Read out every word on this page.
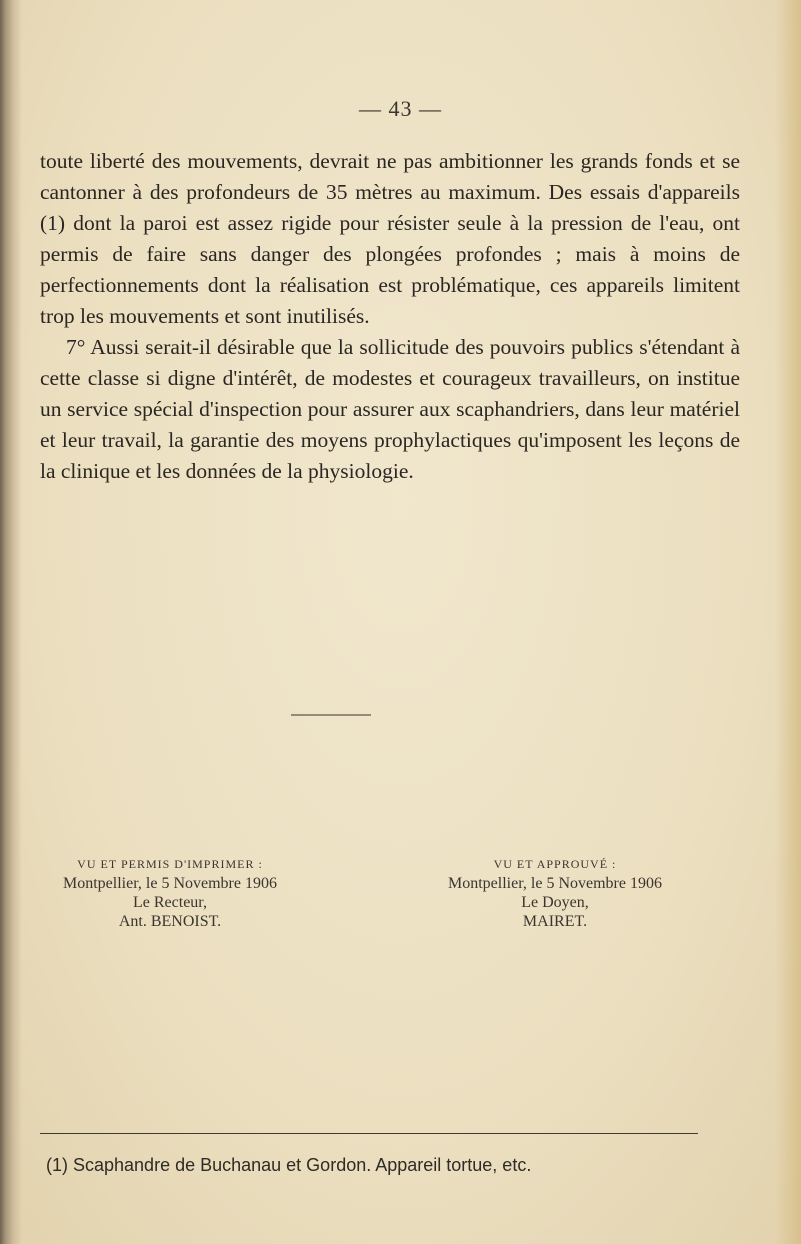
— 43 —

toute liberté des mouvements, devrait ne pas ambitionner les grands fonds et se cantonner à des profondeurs de 35 mètres au maximum. Des essais d'appareils (1) dont la paroi est assez rigide pour résister seule à la pression de l'eau, ont permis de faire sans danger des plongées profondes ; mais à moins de perfectionnements dont la réalisation est problématique, ces appareils limitent trop les mouvements et sont inutilisés.

7° Aussi serait-il désirable que la sollicitude des pouvoirs publics s'étendant à cette classe si digne d'intérêt, de modestes et courageux travailleurs, on institue un service spécial d'inspection pour assurer aux scaphandriers, dans leur matériel et leur travail, la garantie des moyens prophylactiques qu'imposent les leçons de la clinique et les données de la physiologie.

VU ET PERMIS D'IMPRIMER :
Montpellier, le 5 Novembre 1906
Le Recteur,
Ant. BENOIST.
VU ET APPROUVÉ :
Montpellier, le 5 Novembre 1906
Le Doyen,
MAIRET.
(1) Scaphandre de Buchanau et Gordon. Appareil tortue, etc.
